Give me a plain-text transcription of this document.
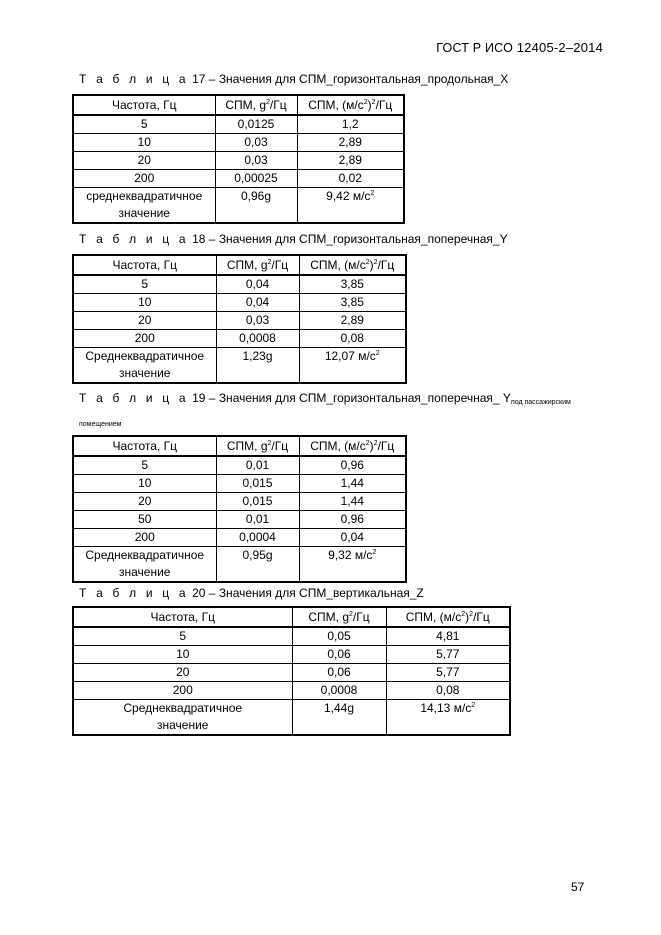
ГОСТ Р ИСО 12405-2–2014
Т а б л и ц а 17 – Значения для СПМ_горизонтальная_продольная_X
Частота, Гц	СПМ, $g^2/Гц$	СПМ, $(м/с^2)^2/Гц$
5	0,0125	1,2
10	0,03	2,89
20	0,03	2,89
200	0,00025	0,02
среднеквадратичное
значение	0,96g	9,42 $м/с^2$
Т а б л и ц а 18 – Значения для СПМ_горизонтальная_поперечная_Y
Частота, Гц	СПМ, $g^2/Гц$	СПМ, $(м/с^2)^2/Гц$
5	0,04	3,85
10	0,04	3,85
20	0,03	2,89
200	0,0008	0,08
Среднеквадратичное
значение	1,23g	12,07 $м/с^2$
Т а б л и ц а 19 – Значения для СПМ_горизонтальная_поперечная_ $Y_{под пассажирским}$
помещением
Частота, Гц	СПМ, $g^2/Гц$	СПМ, $(м/с^2)^2/Гц$
5	0,01	0,96
10	0,015	1,44
20	0,015	1,44
50	0,01	0,96
200	0,0004	0,04
Среднеквадратичное
значение	0,95g	9,32 $м/с^2$
Т а б л и ц а 20 – Значения для СПМ_вертикальная_Z
Частота, Гц	СПМ, $g^2/Гц$	СПМ, $(м/с^2)^2/Гц$
5	0,05	4,81
10	0,06	5,77
20	0,06	5,77
200	0,0008	0,08
Среднеквадратичное
значение	1,44g	14,13 $м/с^2$
57
